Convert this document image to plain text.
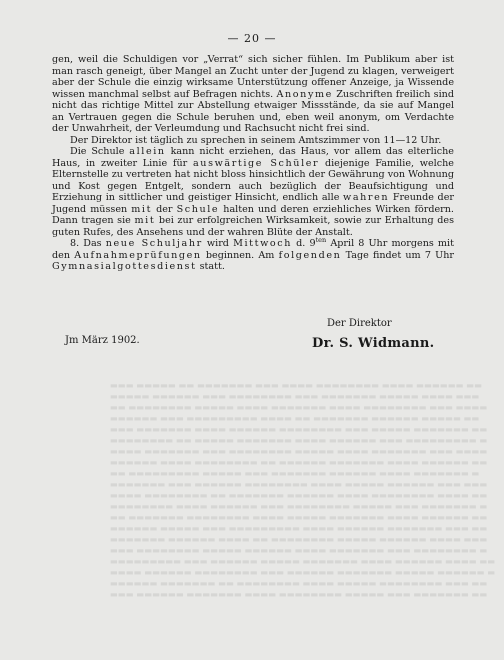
— 20 —

gen, weil die Schuldigen vor „Verrat“ sich sicher fühlen. Im Publikum aber ist man rasch geneigt, über Mangel an Zucht unter der Jugend zu klagen, verweigert aber der Schule die einzig wirksame Unterstützung offener Anzeige, ja Wissende wissen manchmal selbst auf Befragen nichts. Anonyme Zuschriften freilich sind nicht das richtige Mittel zur Abstellung etwaiger Missstände, da sie auf Mangel an Vertrauen gegen die Schule beruhen und, eben weil anonym, om Verdachte der Unwahrheit, der Verleumdung und Rachsucht nicht frei sind.

Der Direktor ist täglich zu sprechen in seinem Amtszimmer von 11—12 Uhr.

Die Schule allein kann nicht erziehen, das Haus, vor allem das elterliche Haus, in zweiter Linie für auswärtige Schüler diejenige Familie, welche Elternstelle zu vertreten hat nicht bloss hinsichtlich der Gewährung von Wohnung und Kost gegen Entgelt, sondern auch bezüglich der Beaufsichtigung und Erziehung in sittlicher und geistiger Hinsicht, endlich alle wahren Freunde der Jugend müssen mit der Schule halten und deren erziehliches Wirken fördern. Dann tragen sie mit bei zur erfolgreichen Wirksamkeit, sowie zur Erhaltung des guten Rufes, des Ansehens und der wahren Blüte der Anstalt.

8. Das neue Schuljahr wird Mittwoch d. $9^{ten}$ April 8 Uhr morgens mit den Aufnahmeprüfungen beginnen. Am folgenden Tage findet um 7 Uhr Gymnasialgottesdienst statt.

Der Direktor
Jm März 1902.	Dr. S. Widmann.
▬▬▬ ▬▬▬▬▬ ▬▬ ▬▬▬▬▬▬▬ ▬▬▬ ▬▬▬▬ ▬▬▬▬▬▬▬▬ ▬▬▬▬ ▬▬▬▬▬▬ ▬▬
▬▬▬▬▬ ▬▬▬▬▬▬ ▬▬▬ ▬▬▬▬▬▬▬▬ ▬▬▬ ▬▬▬▬▬▬▬ ▬▬▬▬▬ ▬▬▬▬ ▬▬▬
▬▬ ▬▬▬▬▬▬▬▬ ▬▬▬▬▬ ▬▬▬▬ ▬▬▬▬▬▬▬ ▬▬▬▬ ▬▬▬▬▬▬▬▬ ▬▬▬ ▬▬▬▬
▬▬▬▬▬▬ ▬▬▬ ▬▬▬▬▬▬▬▬▬ ▬▬▬▬ ▬▬ ▬▬▬▬▬▬▬ ▬▬▬▬▬▬ ▬▬▬▬▬ ▬▬
▬▬▬ ▬▬▬▬▬▬▬ ▬▬▬▬ ▬▬▬▬▬▬ ▬▬▬▬▬▬▬▬ ▬▬▬ ▬▬▬▬▬ ▬▬▬▬▬▬▬ ▬▬
▬▬▬▬▬▬▬▬ ▬▬ ▬▬▬▬▬ ▬▬▬▬▬▬▬ ▬▬▬▬ ▬▬▬▬▬▬ ▬▬▬ ▬▬▬▬▬▬▬▬▬ ▬
▬▬▬▬ ▬▬▬▬▬▬▬ ▬▬▬ ▬▬▬▬▬▬▬▬ ▬▬▬▬▬ ▬▬▬▬ ▬▬▬▬▬▬▬ ▬▬▬ ▬▬▬▬
▬▬▬▬▬▬ ▬▬▬▬ ▬▬▬▬▬▬▬▬ ▬▬ ▬▬▬▬▬▬ ▬▬▬▬▬▬▬ ▬▬▬▬ ▬▬▬▬▬▬ ▬▬
▬▬ ▬▬▬▬▬▬▬▬▬ ▬▬▬▬▬ ▬▬▬ ▬▬▬▬▬▬▬ ▬▬▬▬▬▬ ▬▬▬▬ ▬▬▬▬▬▬▬ ▬
▬▬▬▬▬▬▬ ▬▬▬ ▬▬▬▬▬▬ ▬▬▬▬▬▬▬▬ ▬▬▬▬ ▬▬▬▬▬ ▬▬▬▬▬▬ ▬▬▬ ▬▬▬
▬▬▬▬ ▬▬▬▬▬▬▬▬ ▬▬ ▬▬▬▬▬▬▬ ▬▬▬▬▬▬ ▬▬▬▬ ▬▬▬▬▬▬▬▬ ▬▬▬▬ ▬▬
▬▬▬▬▬▬▬▬ ▬▬▬▬ ▬▬▬▬▬▬ ▬▬▬ ▬▬▬▬▬▬▬▬ ▬▬▬▬▬ ▬▬▬ ▬▬▬▬▬▬▬ ▬
▬▬ ▬▬▬▬▬▬▬ ▬▬▬▬▬▬▬▬ ▬▬▬▬ ▬▬▬▬▬ ▬▬▬▬▬▬▬ ▬▬▬▬ ▬▬▬▬▬▬ ▬▬
▬▬▬▬▬▬ ▬▬▬▬▬ ▬▬▬ ▬▬▬▬▬▬▬▬▬ ▬▬▬▬ ▬▬▬▬▬▬ ▬▬▬▬▬▬▬ ▬▬▬ ▬▬
▬▬▬▬▬▬▬ ▬▬▬▬▬▬ ▬▬▬▬ ▬▬ ▬▬▬▬▬▬▬▬ ▬▬▬▬▬ ▬▬▬▬▬▬ ▬▬▬▬ ▬▬▬
▬▬▬ ▬▬▬▬▬▬▬▬ ▬▬▬▬▬ ▬▬▬▬▬▬ ▬▬▬▬ ▬▬▬▬▬▬▬ ▬▬▬ ▬▬▬▬▬▬▬▬ ▬
▬▬▬▬▬▬▬▬▬ ▬▬▬ ▬▬▬▬▬▬ ▬▬▬▬▬ ▬▬▬▬▬▬▬ ▬▬▬▬ ▬▬▬▬▬▬ ▬▬▬▬ ▬▬
▬▬▬▬ ▬▬▬▬▬▬ ▬▬▬▬▬▬▬▬ ▬▬▬ ▬▬▬▬▬▬ ▬▬▬▬▬▬▬ ▬▬▬▬▬ ▬▬▬▬▬▬ ▬
▬▬▬▬▬▬ ▬▬▬▬▬▬▬ ▬▬ ▬▬▬▬▬▬▬▬ ▬▬▬▬ ▬▬▬▬▬ ▬▬▬▬▬▬▬▬ ▬▬▬ ▬▬
▬▬▬ ▬▬▬▬▬▬ ▬▬▬▬▬▬▬ ▬▬▬▬ ▬▬▬▬▬▬▬▬ ▬▬▬▬▬ ▬▬▬ ▬▬▬▬▬▬▬ ▬▬
